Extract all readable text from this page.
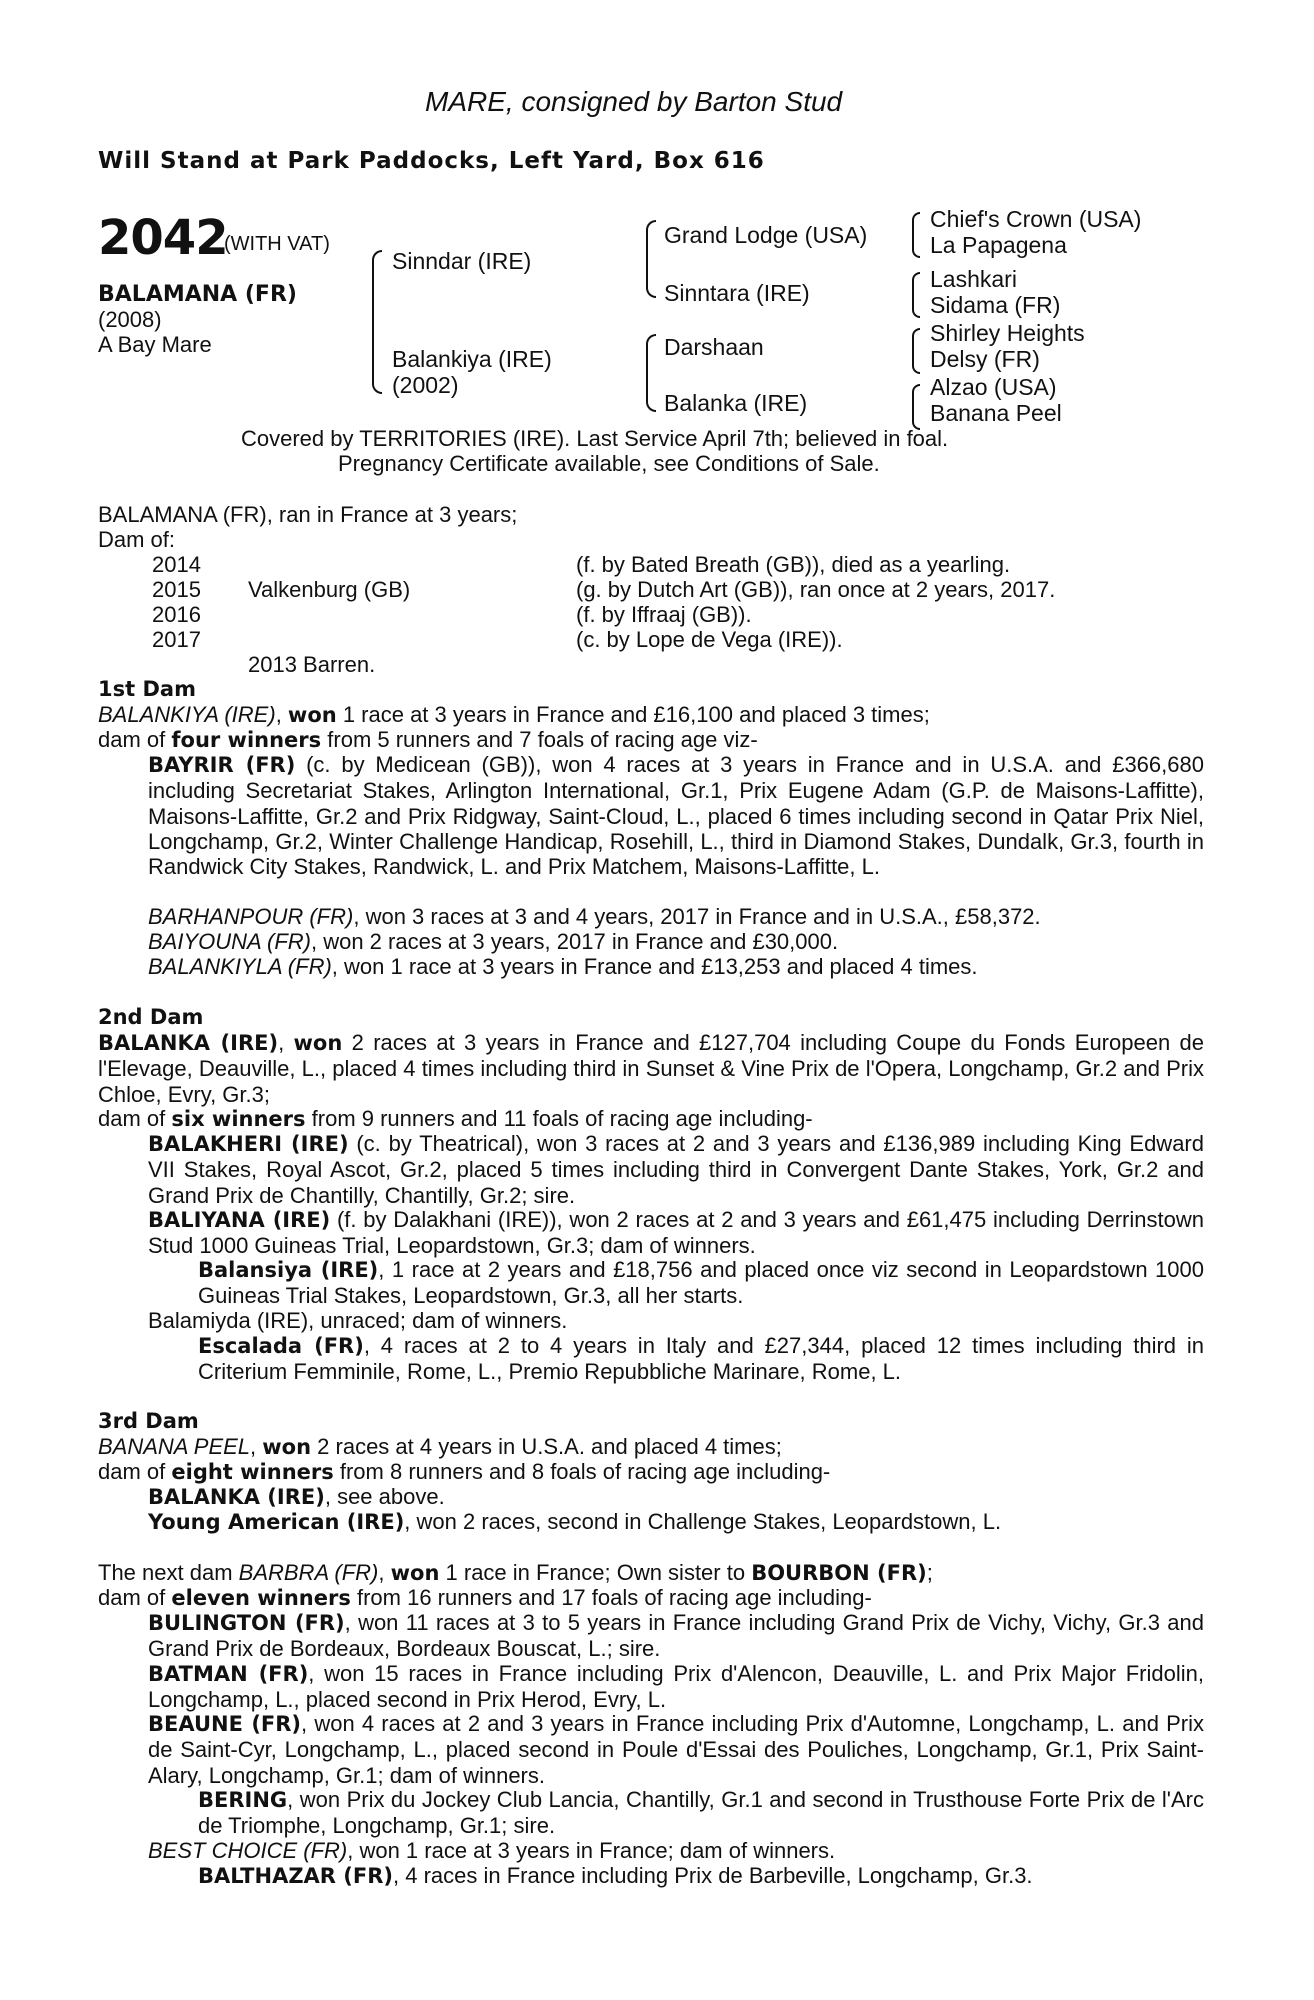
MARE, consigned by Barton Stud
Will Stand at Park Paddocks, Left Yard, Box 616
2042
(WITH VAT)
BALAMANA (FR)
(2008)
A Bay Mare
Sinndar (IRE)
Balankiya (IRE)
(2002)
Grand Lodge (USA)
Sinntara (IRE)
Darshaan
Balanka (IRE)
Chief's Crown (USA)
La Papagena
Lashkari
Sidama (FR)
Shirley Heights
Delsy (FR)
Alzao (USA)
Banana Peel
Covered by TERRITORIES (IRE). Last Service April 7th; believed in foal.
Pregnancy Certificate available, see Conditions of Sale.
BALAMANA (FR), ran in France at 3 years;
Dam of:
2014	(f. by Bated Breath (GB)), died as a yearling.
2015 Valkenburg (GB)	(g. by Dutch Art (GB)), ran once at 2 years, 2017.
2016	(f. by Iffraaj (GB)).
2017	(c. by Lope de Vega (IRE)).
2013 Barren.
1st Dam
BALANKIYA (IRE), won 1 race at 3 years in France and £16,100 and placed 3 times;
dam of four winners from 5 runners and 7 foals of racing age viz-
BAYRIR (FR) (c. by Medicean (GB)), won 4 races at 3 years in France and in U.S.A. and £366,680 including Secretariat Stakes, Arlington International, Gr.1, Prix Eugene Adam (G.P. de Maisons-Laffitte), Maisons-Laffitte, Gr.2 and Prix Ridgway, Saint-Cloud, L., placed 6 times including second in Qatar Prix Niel, Longchamp, Gr.2, Winter Challenge Handicap, Rosehill, L., third in Diamond Stakes, Dundalk, Gr.3, fourth in Randwick City Stakes, Randwick, L. and Prix Matchem, Maisons-Laffitte, L.
BARHANPOUR (FR), won 3 races at 3 and 4 years, 2017 in France and in U.S.A., £58,372.
BAIYOUNA (FR), won 2 races at 3 years, 2017 in France and £30,000.
BALANKIYLA (FR), won 1 race at 3 years in France and £13,253 and placed 4 times.
2nd Dam
BALANKA (IRE), won 2 races at 3 years in France and £127,704 including Coupe du Fonds Europeen de l'Elevage, Deauville, L., placed 4 times including third in Sunset & Vine Prix de l'Opera, Longchamp, Gr.2 and Prix Chloe, Evry, Gr.3;
dam of six winners from 9 runners and 11 foals of racing age including-
BALAKHERI (IRE) (c. by Theatrical), won 3 races at 2 and 3 years and £136,989 including King Edward VII Stakes, Royal Ascot, Gr.2, placed 5 times including third in Convergent Dante Stakes, York, Gr.2 and Grand Prix de Chantilly, Chantilly, Gr.2; sire.
BALIYANA (IRE) (f. by Dalakhani (IRE)), won 2 races at 2 and 3 years and £61,475 including Derrinstown Stud 1000 Guineas Trial, Leopardstown, Gr.3; dam of winners.
Balansiya (IRE), 1 race at 2 years and £18,756 and placed once viz second in Leopardstown 1000 Guineas Trial Stakes, Leopardstown, Gr.3, all her starts.
Balamiyda (IRE), unraced; dam of winners.
Escalada (FR), 4 races at 2 to 4 years in Italy and £27,344, placed 12 times including third in Criterium Femminile, Rome, L., Premio Repubbliche Marinare, Rome, L.
3rd Dam
BANANA PEEL, won 2 races at 4 years in U.S.A. and placed 4 times;
dam of eight winners from 8 runners and 8 foals of racing age including-
BALANKA (IRE), see above.
Young American (IRE), won 2 races, second in Challenge Stakes, Leopardstown, L.
The next dam BARBRA (FR), won 1 race in France; Own sister to BOURBON (FR);
dam of eleven winners from 16 runners and 17 foals of racing age including-
BULINGTON (FR), won 11 races at 3 to 5 years in France including Grand Prix de Vichy, Vichy, Gr.3 and Grand Prix de Bordeaux, Bordeaux Bouscat, L.; sire.
BATMAN (FR), won 15 races in France including Prix d'Alencon, Deauville, L. and Prix Major Fridolin, Longchamp, L., placed second in Prix Herod, Evry, L.
BEAUNE (FR), won 4 races at 2 and 3 years in France including Prix d'Automne, Longchamp, L. and Prix de Saint-Cyr, Longchamp, L., placed second in Poule d'Essai des Pouliches, Longchamp, Gr.1, Prix Saint-Alary, Longchamp, Gr.1; dam of winners.
BERING, won Prix du Jockey Club Lancia, Chantilly, Gr.1 and second in Trusthouse Forte Prix de l'Arc de Triomphe, Longchamp, Gr.1; sire.
BEST CHOICE (FR), won 1 race at 3 years in France; dam of winners.
BALTHAZAR (FR), 4 races in France including Prix de Barbeville, Longchamp, Gr.3.
